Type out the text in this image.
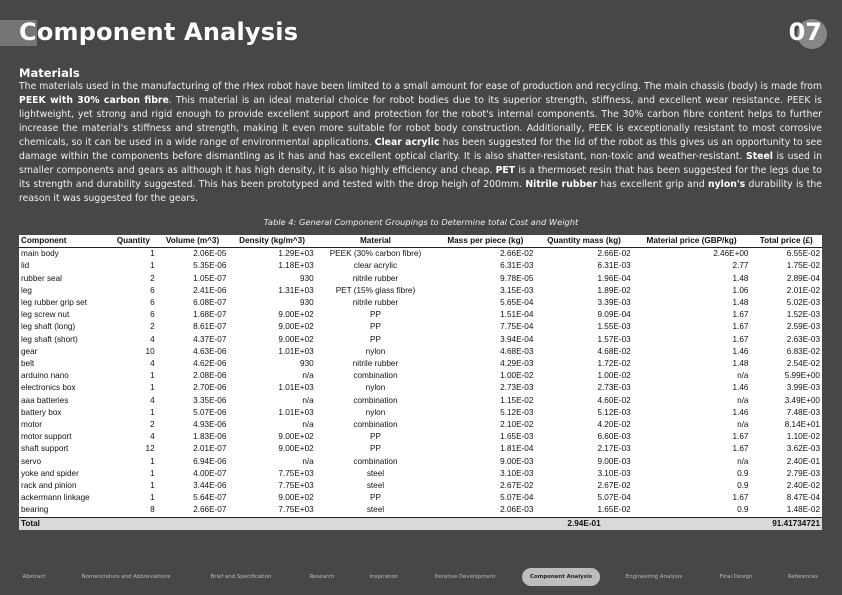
Component Analysis	07
Materials

The materials used in the manufacturing of the rHex robot have been limited to a small amount for ease of production and recycling. The main chassis (body) is made from PEEK with 30% carbon fibre. This material is an ideal material choice for robot bodies due to its superior strength, stiffness, and excellent wear resistance. PEEK is lightweight, yet strong and rigid enough to provide excellent support and protection for the robot's internal components. The 30% carbon fibre content helps to further increase the material's stiffness and strength, making it even more suitable for robot body construction. Additionally, PEEK is exceptionally resistant to most corrosive chemicals, so it can be used in a wide range of environmental applications. Clear acrylic has been suggested for the lid of the robot as this gives us an opportunity to see damage within the components before dismantling as it has and has excellent optical clarity. It is also shatter-resistant, non-toxic and weather-resistant. Steel is used in smaller components and gears as although it has high density, it is also highly efficiency and cheap. PET is a thermoset resin that has been suggested for the legs due to its strength and durability suggested. This has been prototyped and tested with the drop heigh of 200mm. Nitrile rubber has excellent grip and nylon's durability is the reason it was suggested for the gears.

Table 4: General Component Groupings to Determine total Cost and Weight
Component	Quantity	Volume (m^3)	Density (kg/m^3)	Material	Mass per piece (kg)	Quantity mass (kg)	Material price (GBP/kg)	Total price (£)
main body	1	2.06E-05	1.29E+03	PEEK (30% carbon fibre)	2.66E-02	2.66E-02	2.46E+00	6.55E-02
lid	1	5.35E-06	1.18E+03	clear acrylic	6.31E-03	6.31E-03	2.77	1.75E-02
rubber seal	2	1.05E-07	930	nitrile rubber	9.78E-05	1.96E-04	1.48	2.89E-04
leg	6	2.41E-06	1.31E+03	PET (15% glass fibre)	3.15E-03	1.89E-02	1.06	2.01E-02
leg rubber grip set	6	6.08E-07	930	nitrile rubber	5.65E-04	3.39E-03	1.48	5.02E-03
leg screw nut	6	1.68E-07	9.00E+02	PP	1.51E-04	9.09E-04	1.67	1.52E-03
leg shaft (long)	2	8.61E-07	9.00E+02	PP	7.75E-04	1.55E-03	1.67	2.59E-03
leg shaft (short)	4	4.37E-07	9.00E+02	PP	3.94E-04	1.57E-03	1.67	2.63E-03
gear	10	4.63E-06	1.01E+03	nylon	4.68E-03	4.68E-02	1.46	6.83E-02
belt	4	4.62E-06	930	nitrile rubber	4.29E-03	1.72E-02	1.48	2.54E-02
arduino nano	1	2.08E-06	n/a	combination	1.00E-02	1.00E-02	n/a	5.99E+00
electronics box	1	2.70E-06	1.01E+03	nylon	2.73E-03	2.73E-03	1.46	3.99E-03
aaa batteries	4	3.35E-06	n/a	combination	1.15E-02	4.60E-02	n/a	3.49E+00
battery box	1	5.07E-06	1.01E+03	nylon	5.12E-03	5.12E-03	1.46	7.48E-03
motor	2	4.93E-06	n/a	combination	2.10E-02	4.20E-02	n/a	8.14E+01
motor support	4	1.83E-06	9.00E+02	PP	1.65E-03	6.60E-03	1.67	1.10E-02
shaft support	12	2.01E-07	9.00E+02	PP	1.81E-04	2.17E-03	1.67	3.62E-03
servo	1	6.94E-06	n/a	combination	9.00E-03	9.00E-03	n/a	2.40E-01
yoke and spider	1	4.00E-07	7.75E+03	steel	3.10E-03	3.10E-03	0.9	2.79E-03
rack and pinion	1	3.44E-06	7.75E+03	steel	2.67E-02	2.67E-02	0.9	2.40E-02
ackermann linkage	1	5.64E-07	9.00E+02	PP	5.07E-04	5.07E-04	1.67	8.47E-04
bearing	8	2.66E-07	7.75E+03	steel	2.06E-03	1.65E-02	0.9	1.48E-02
Total						2.94E-01		91.41734721
Abstract	Nomenclature and Abbreviations	Brief and Specification	Research	Inspiration	Iterative Development	Component Analysis	Engineering Analysis	Final Design	References
